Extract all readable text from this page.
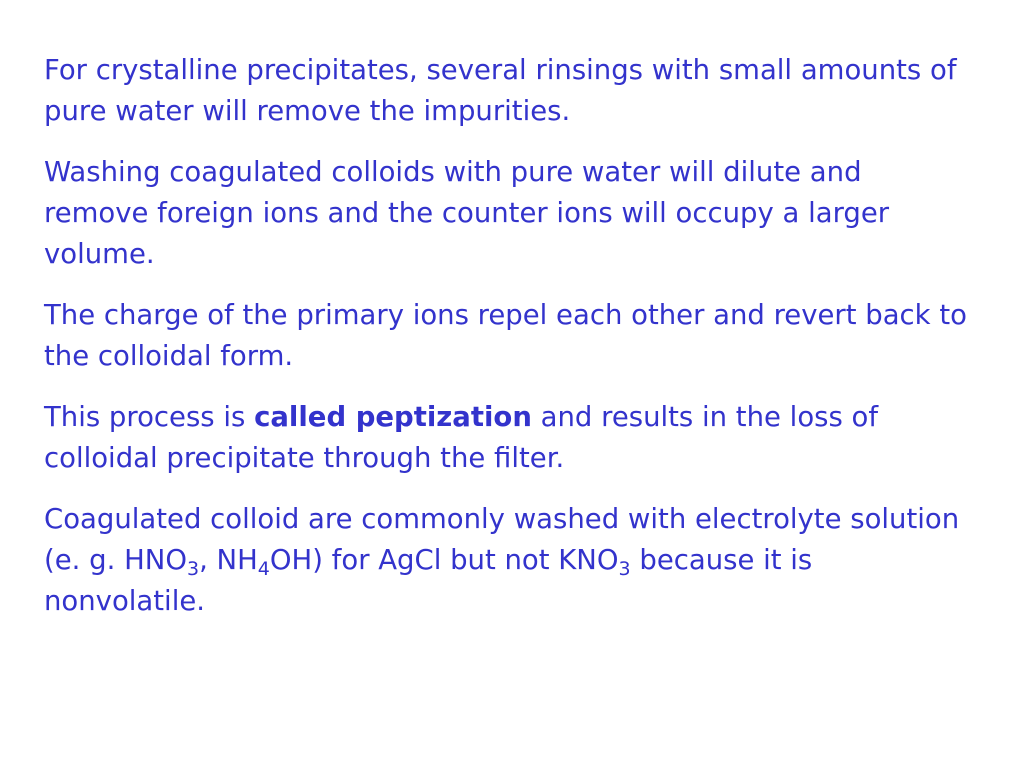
For crystalline precipitates, several rinsings with small amounts of pure water will remove the impurities.

Washing coagulated colloids with pure water will dilute and remove foreign ions and the counter ions will occupy a larger volume.

The charge of the primary ions repel each other and revert back to the colloidal form.

This process is called peptization and results in the loss of colloidal precipitate through the filter.

Coagulated colloid are commonly washed with electrolyte solution (e. g. $HNO_3$, $NH_4OH$) for AgCl but not $KNO_3$ because it is nonvolatile.
